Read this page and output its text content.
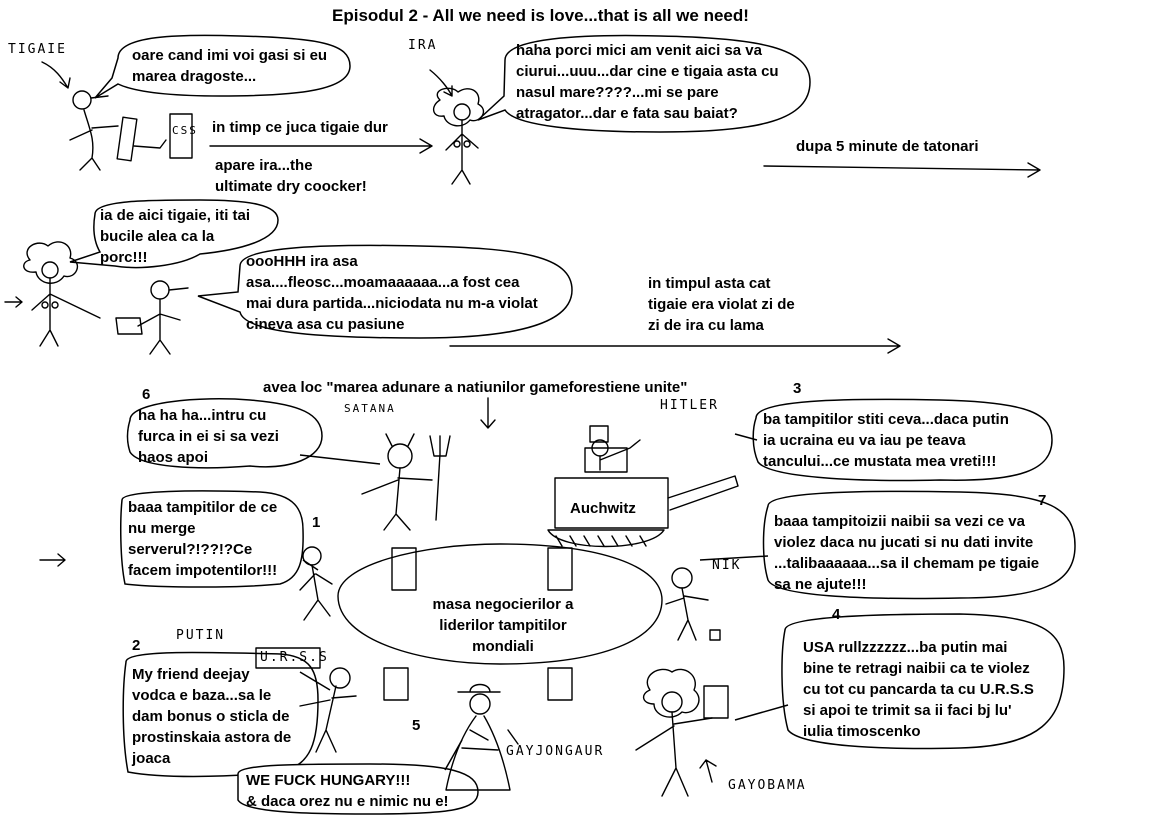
Episodul 2 - All we need is love...that is all we need!
TIGAIE	IRA
CSS
SATANA	HITLER
PUTIN
U.R.S.S
NIK
GAYJONGAUR
GAYOBAMA
Auchwitz
oare cand imi voi gasi si eu
marea dragoste...
haha porci mici am venit aici sa va
ciurui...uuu...dar cine e tigaia asta cu
nasul mare????...mi se pare
atragator...dar e fata sau baiat?
ia de aici tigaie, iti tai
bucile alea ca la
porc!!!	oooHHH ira asa
asa....fleosc...moamaaaaaa...a fost cea
mai dura partida...niciodata nu m-a violat
cineva asa cu pasiune
ha ha ha...intru cu
furca in ei si sa vezi
haos apoi
ba tampitilor stiti ceva...daca putin
ia ucraina eu va iau pe teava
tancului...ce mustata mea vreti!!!
baaa tampitilor de ce
nu merge
serverul?!??!?Ce
facem impotentilor!!!
baaa tampitoizii naibii sa vezi ce va
violez daca nu jucati si nu dati invite
...talibaaaaaa...sa il chemam pe tigaie
sa ne ajute!!!
USA rullzzzzzz...ba putin mai
bine te retragi naibii ca te violez
cu tot cu pancarda ta cu U.R.S.S
si apoi te trimit sa ii faci bj lu'
iulia timoscenko
My friend deejay
vodca e baza...sa le
dam bonus o sticla de
prostinskaia astora de
joaca
WE FUCK HUNGARY!!!
& daca orez nu e nimic nu e!
in timp ce juca tigaie dur
apare ira...the
ultimate dry coocker!
dupa 5 minute de tatonari
in timpul asta cat
tigaie era violat zi de
zi de ira cu lama
avea loc "marea adunare a natiunilor gameforestiene unite"
masa negocierilor a
liderilor tampitilor
mondiali
1
2
3
4
5
6
7
